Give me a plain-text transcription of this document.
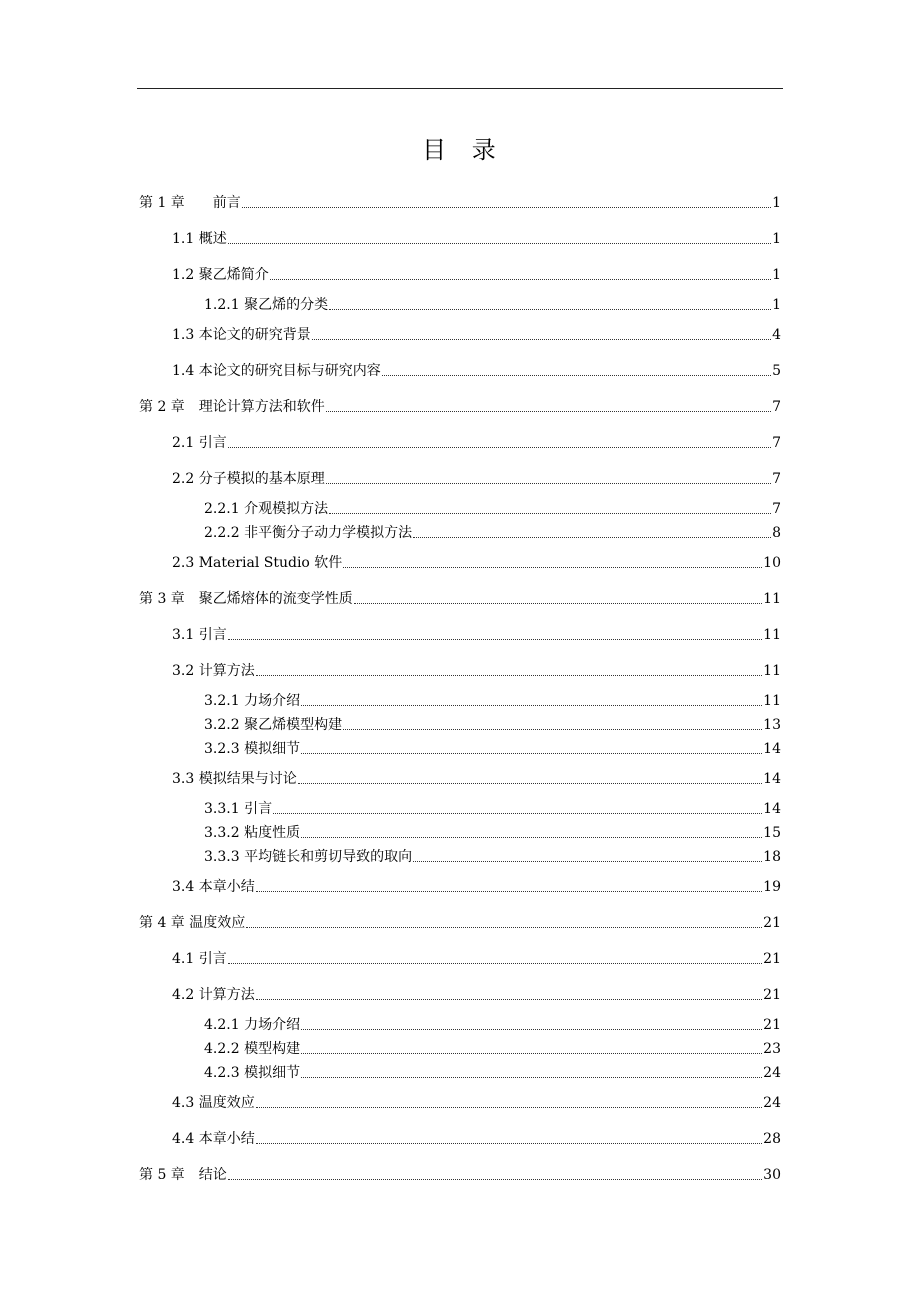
目 录
第 1 章　　前言	1
1.1 概述	1
1.2 聚乙烯简介	1
1.2.1 聚乙烯的分类	1
1.3 本论文的研究背景	4
1.4 本论文的研究目标与研究内容	5
第 2 章　理论计算方法和软件	7
2.1 引言	7
2.2 分子模拟的基本原理	7
2.2.1 介观模拟方法	7
2.2.2 非平衡分子动力学模拟方法	8
2.3 Material Studio 软件	10
第 3 章　聚乙烯熔体的流变学性质	11
3.1 引言	11
3.2 计算方法	11
3.2.1 力场介绍	11
3.2.2 聚乙烯模型构建	13
3.2.3 模拟细节	14
3.3 模拟结果与讨论	14
3.3.1 引言	14
3.3.2 粘度性质	15
3.3.3 平均链长和剪切导致的取向	18
3.4 本章小结	19
第 4 章 温度效应	21
4.1 引言	21
4.2 计算方法	21
4.2.1 力场介绍	21
4.2.2 模型构建	23
4.2.3 模拟细节	24
4.3 温度效应	24
4.4 本章小结	28
第 5 章　结论	30
